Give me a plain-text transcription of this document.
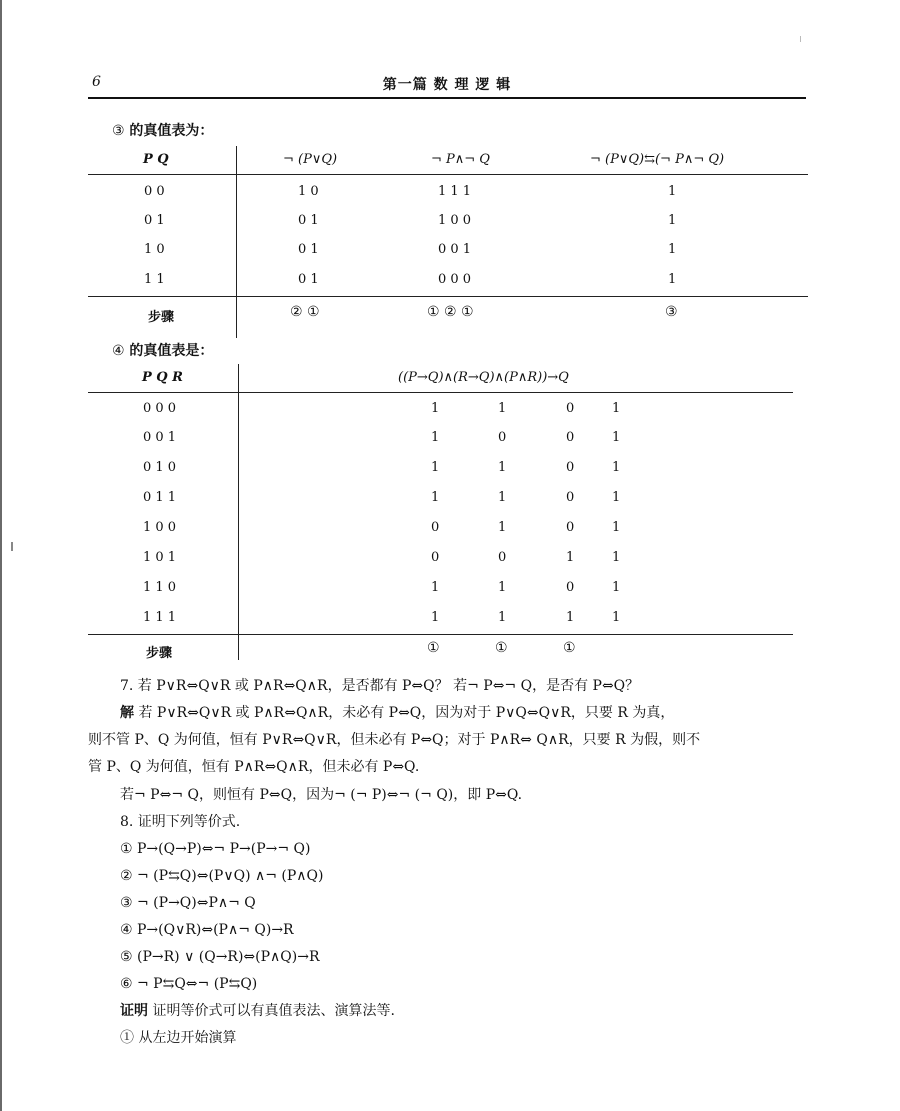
6	第一篇 数 理 逻 辑
③ 的真值表为：
P Q	¬ (P∨Q)	¬ P∧¬ Q	¬ (P∨Q)⇆(¬ P∧¬ Q)
0 0	1 0	1 1 1	1
0 1	0 1	1 0 0	1
1 0	0 1	0 0 1	1
1 1	0 1	0 0 0	1
步骤	② ①	① ② ①	③
④ 的真值表是：
P Q R	((P→Q)∧(R→Q)∧(P∧R))→Q
0 0 0	1	1	0	1
0 0 1	1	0	0	1
0 1 0	1	1	0	1
0 1 1	1	1	0	1
1 0 0	0	1	0	1
1 0 1	0	0	1	1
1 1 0	1	1	0	1
1 1 1	1	1	1	1
步骤	①	①	①
7. 若 P∨R⇔Q∨R 或 P∧R⇔Q∧R，是否都有 P⇔Q？ 若¬ P⇔¬ Q，是否有 P⇔Q？
解 若 P∨R⇔Q∨R 或 P∧R⇔Q∧R，未必有 P⇔Q，因为对于 P∨Q⇔Q∨R，只要 R 为真，
则不管 P、Q 为何值，恒有 P∨R⇔Q∨R，但未必有 P⇔Q；对于 P∧R⇔ Q∧R，只要 R 为假，则不
管 P、Q 为何值，恒有 P∧R⇔Q∧R，但未必有 P⇔Q.
若¬ P⇔¬ Q，则恒有 P⇔Q，因为¬ (¬ P)⇔¬ (¬ Q)，即 P⇔Q.
8. 证明下列等价式.
① P→(Q→P)⇔¬ P→(P→¬ Q)
② ¬ (P⇆Q)⇔(P∨Q) ∧¬ (P∧Q)
③ ¬ (P→Q)⇔P∧¬ Q
④ P→(Q∨R)⇔(P∧¬ Q)→R
⑤ (P→R) ∨ (Q→R)⇔(P∧Q)→R
⑥ ¬ P⇆Q⇔¬ (P⇆Q)
证明 证明等价式可以有真值表法、演算法等.
① 从左边开始演算
